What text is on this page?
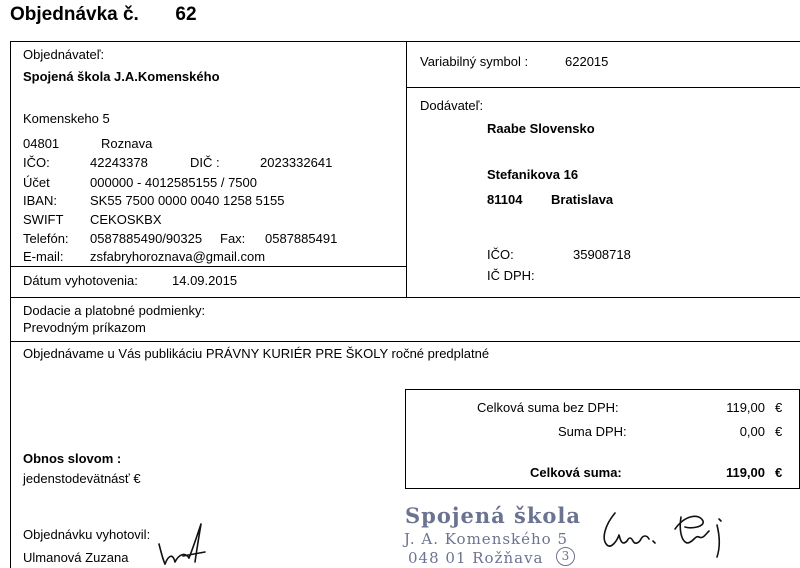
Objednávka č. 62
Objednávateľ:
Spojená škola J.A.Komenského
Komenskeho 5
04801	Roznava
IČO:	42243378	DIČ :	2023332641
Účet	000000 - 4012585155 / 7500
IBAN:	SK55 7500 0000 0040 1258 5155
SWIFT CEKOSKBX
Telefón: 0587885490/90325 Fax: 0587885491
E-mail: zsfabryhoroznava@gmail.com
Dátum vyhotovenia:	14.09.2015
Variabilný symbol :	622015
Dodávateľ:
Raabe Slovensko
Stefanikova 16
81104 Bratislava
IČO:	35908718
IČ DPH:
Dodacie a platobné podmienky:
Prevodným príkazom
Objednávame u Vás publikáciu PRÁVNY KURIÉR PRE ŠKOLY ročné predplatné
Celková suma bez DPH:	119,00 €
Suma DPH:	0,00 €
Celková suma:	119,00 €
Obnos slovom :
jedenstodevätnásť €
Objednávku vyhotovil:
Ulmanová Zuzana
Spojená škola
J. A. Komenského 5
048 01 Rožňava	3
